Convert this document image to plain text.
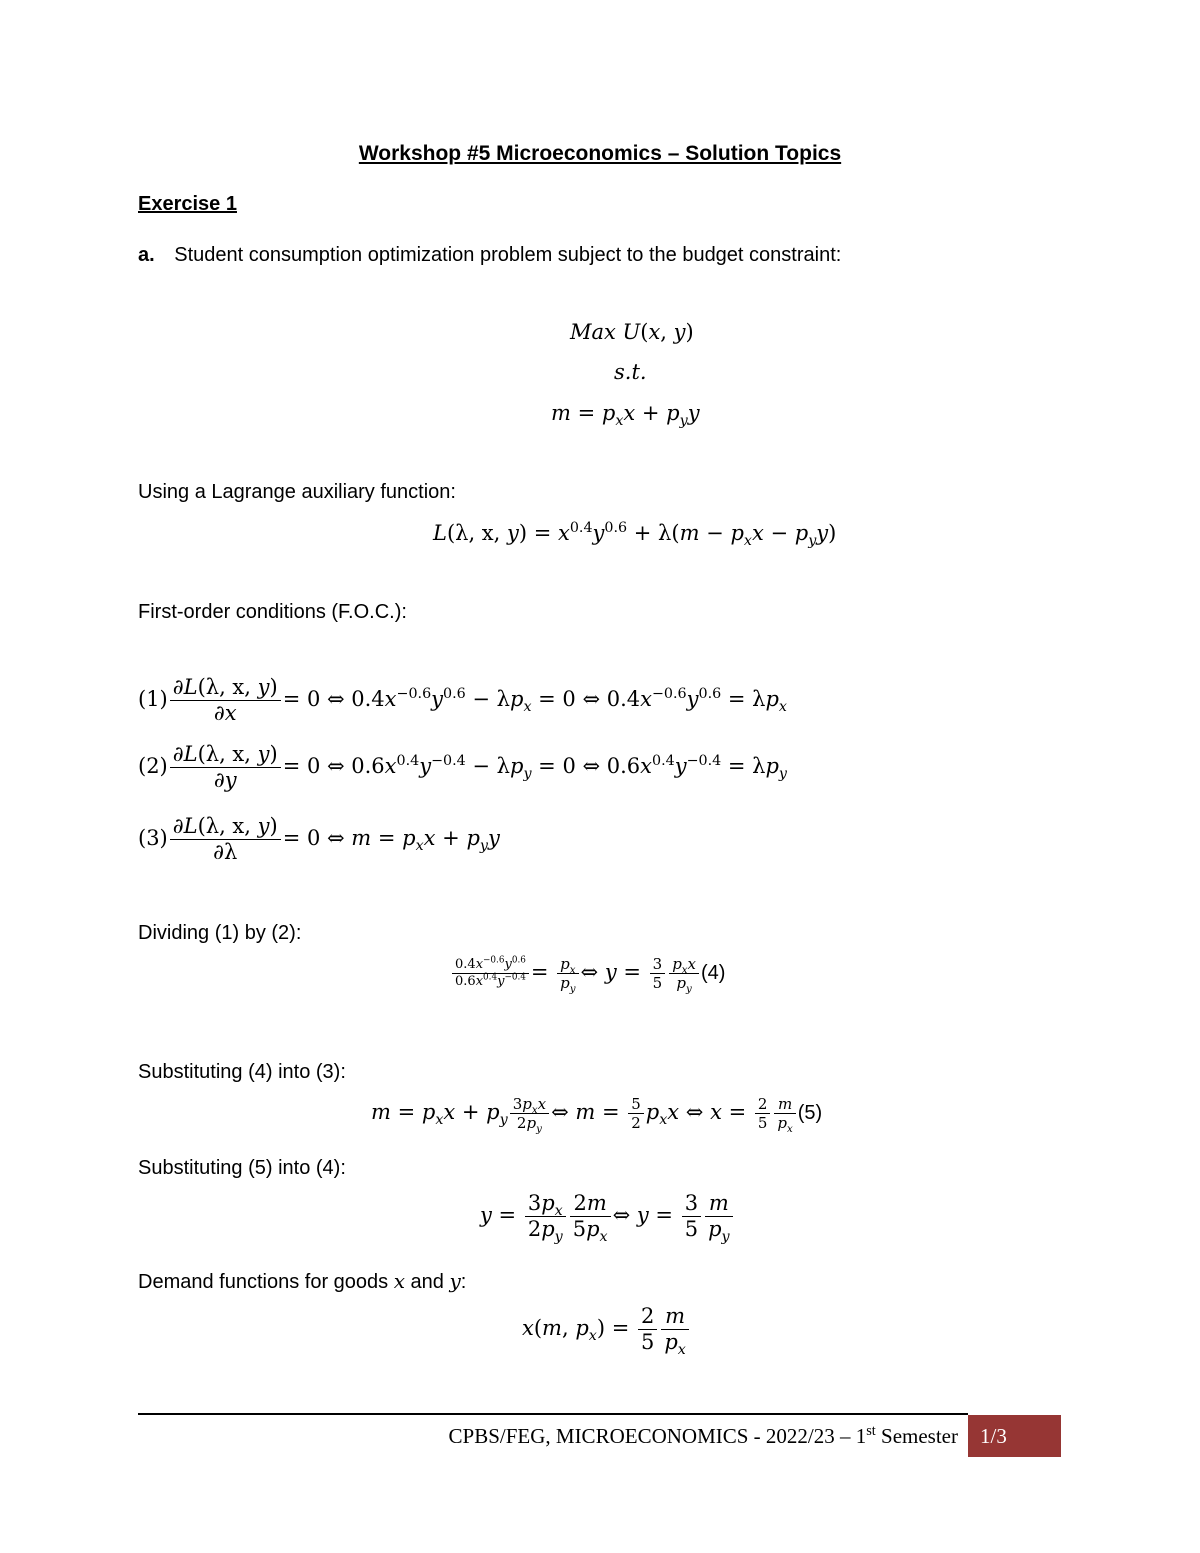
Workshop #5 Microeconomics – Solution Topics
Exercise 1
a. Student consumption optimization problem subject to the budget constraint:
Max U(x, y)
s.t.
$m = p_xx + p_yy$
Using a Lagrange auxiliary function:
L(λ, x, $y) = x^{0.4}y^{0.6} + \lambda(m - p_xx - p_yy)$
First-order conditions (F.O.C.):
$(1) \frac{\partial L(\lambda, x, y)}{\partial x} = 0$ ⇔ $0.4x^{-0.6}y^{0.6} - \lambda p_x = 0$ ⇔ $0.4x^{-0.6}y^{0.6} = \lambda p_x$
$(2) \frac{\partial L(\lambda, x, y)}{\partial y} = 0$ ⇔ $0.6x^{0.4}y^{-0.4} - \lambda p_y = 0$ ⇔ $0.6x^{0.4}y^{-0.4} = \lambda p_y$
$(3) \frac{\partial L(\lambda, x, y)}{\partial\lambda} = 0$ ⇔ $m = p_xx + p_yy$
Dividing (1) by (2):
$\frac{0.4x^{-0.6}y^{0.6}}{0.6x^{0.4}y^{-0.4}} = \frac{p_x}{p_y}$ ⇔ $y = \frac{3}{5} \frac{p_xx}{p_y} (4)$
Substituting (4) into (3):
$m = p_xx + p_y \frac{3p_xx}{2p_y}$ ⇔ $m = \frac{5}{2} p_xx$ ⇔ $x = \frac{2}{5} \frac{m}{p_x} (5)$
Substituting (5) into (4):
$y = \frac{3p_x}{2p_y} \frac{2m}{5p_x}$ ⇔ $y = \frac{3}{5} \frac{m}{p_y}$
Demand functions for goods x and y:
x(m, $p_x) = \frac{2}{5} \frac{m}{p_x}$
CPBS/FEG, MICROECONOMICS - 2022/23 – 1st Semester 1/3
